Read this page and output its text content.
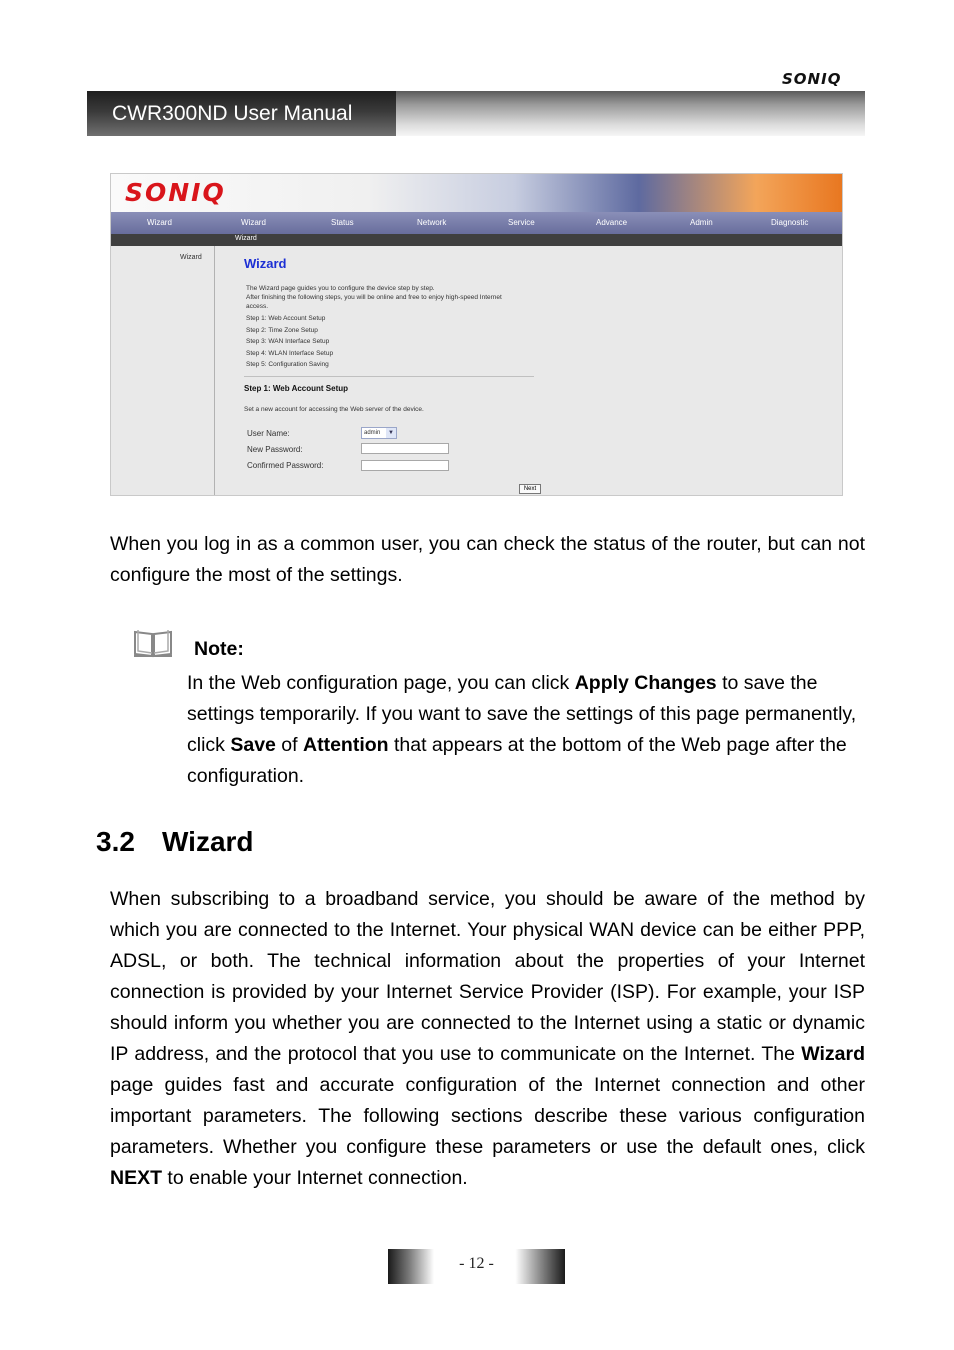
SONIQ
CWR300ND User Manual
SONIQ
Wizard	Wizard	Status	Network	Service	Advance	Admin	Diagnostic
Wizard
Wizard	Wizard
The Wizard page guides you to configure the device step by step.
After finishing the following steps, you will be online and free to enjoy high-speed Internet
access.
Step 1: Web Account Setup
Step 2: Time Zone Setup
Step 3: WAN Interface Setup
Step 4: WLAN Interface Setup
Step 5: Configuration Saving
Step 1: Web Account Setup
Set a new account for accessing the Web server of the device.
User Name:	admin	▼
New Password:
Confirmed Password:
Next
When you log in as a common user, you can check the status of the router, but can not configure the most of the settings.
Note:
In the Web configuration page, you can click Apply Changes to save the settings temporarily. If you want to save the settings of this page permanently, click Save of Attention that appears at the bottom of the Web page after the configuration.
3.2 Wizard
When subscribing to a broadband service, you should be aware of the method by which you are connected to the Internet. Your physical WAN device can be either PPP, ADSL, or both. The technical information about the properties of your Internet connection is provided by your Internet Service Provider (ISP). For example, your ISP should inform you whether you are connected to the Internet using a static or dynamic IP address, and the protocol that you use to communicate on the Internet. The Wizard page guides fast and accurate configuration of the Internet connection and other important parameters. The following sections describe these various configuration parameters. Whether you configure these parameters or use the default ones, click NEXT to enable your Internet connection.
- 12 -
